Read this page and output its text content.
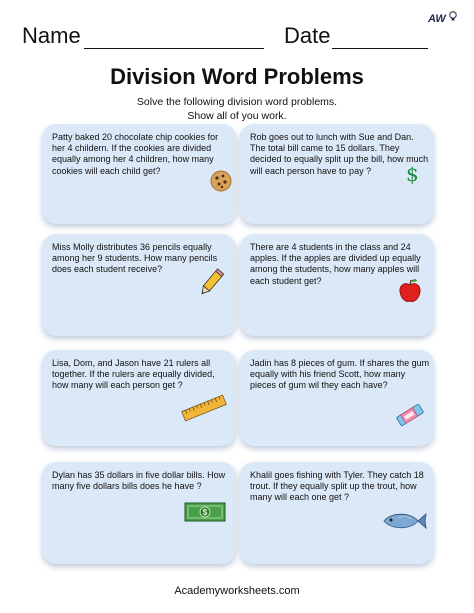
Name	Date
AW
Division Word Problems
Solve the following division word problems.
Show all of you work.
Patty baked 20 chocolate chip cookies for her 4 childern. If the cookies are divided equally among her 4 children, how many cookies will each child get?
Rob goes out to lunch with Sue and Dan. The total bill came to 15 dollars. They decided to equally split up the bill, how much will each person have to pay ?	$
Miss Molly distributes 36 pencils equally among her 9 students. How many pencils does each student receive?
There are 4 students in the class and 24 apples. If the apples are divided up equally among the students, how many apples will each student get?
Lisa, Dom, and Jason have 21 rulers all together. If the rulers are equally divided, how many will each person get ?
Jadin has 8 pieces of gum. If shares the gum equally with his friend Scott, how many pieces of gum wil they each have?
Dylan has 35 dollars in five dollar bills. How many five dollars bills does he have ?
$
Khalil goes fishing with Tyler. They catch 18 trout. If they equally split up the trout, how many will each one get ?
Academyworksheets.com
